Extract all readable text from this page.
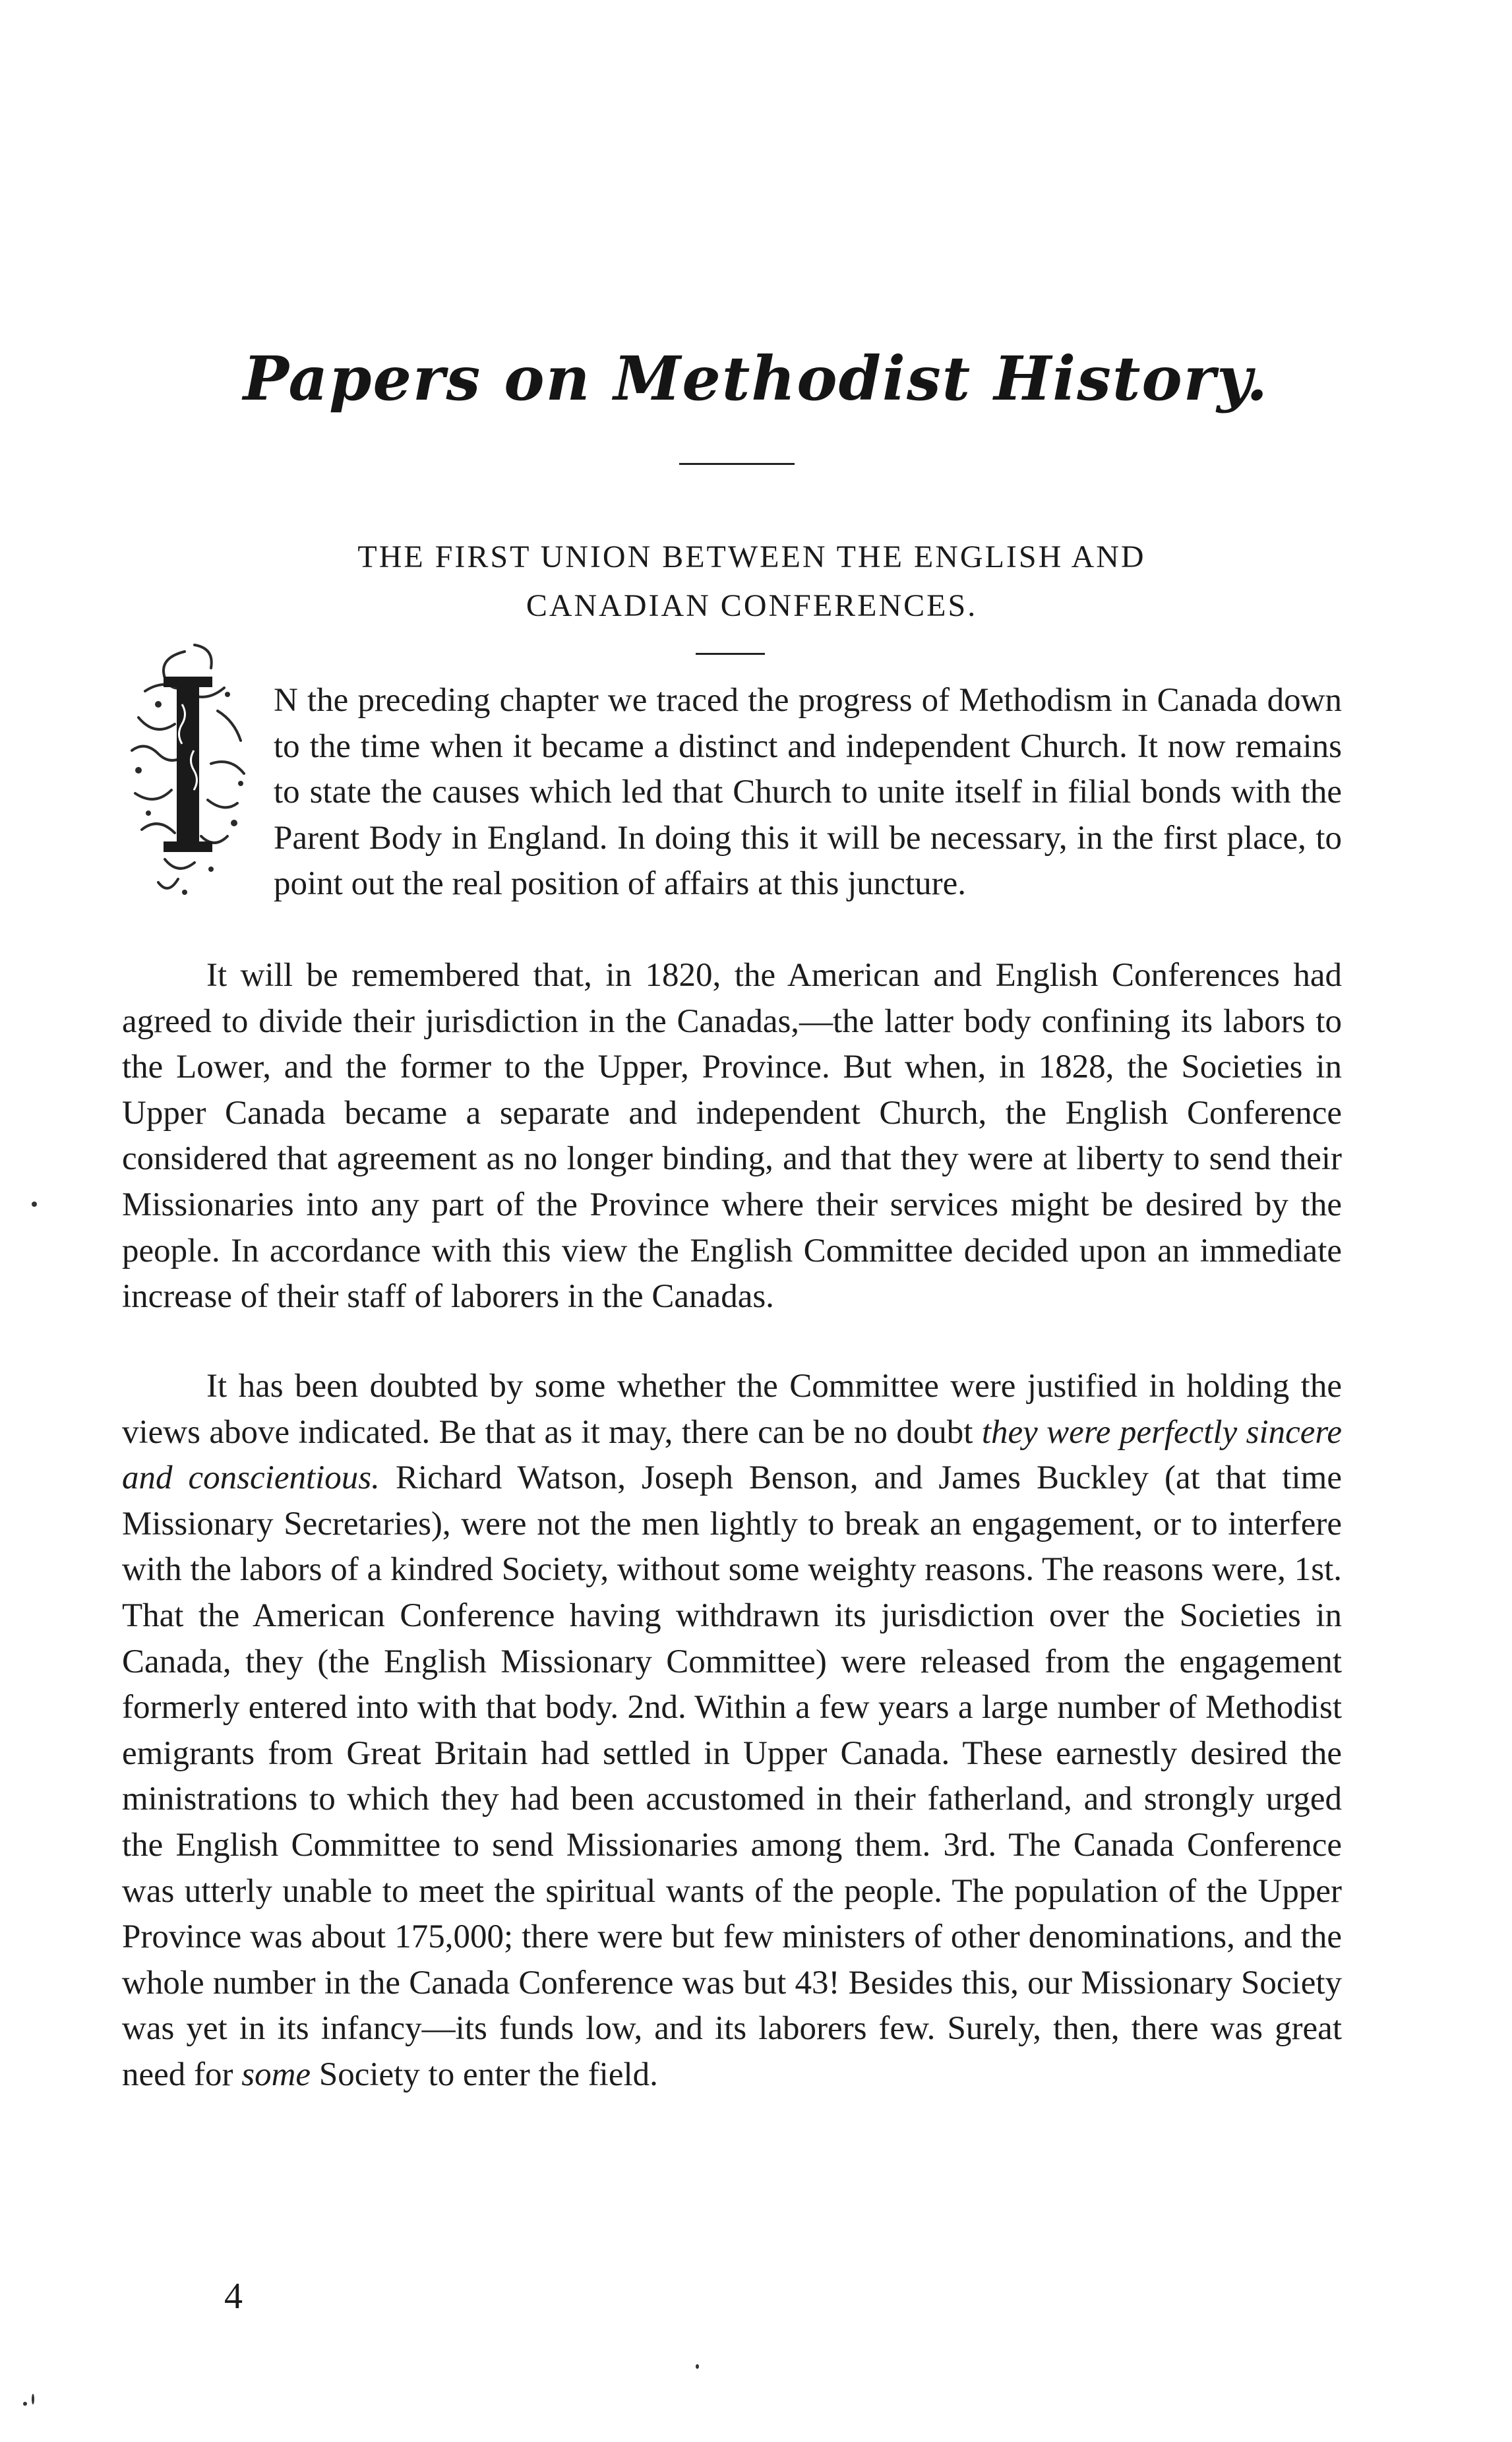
Papers on Methodist History.
THE FIRST UNION BETWEEN THE ENGLISH AND
CANADIAN CONFERENCES.
N the preceding chapter we traced the progress of Methodism in Canada down to the time when it became a distinct and independent Church. It now remains to state the causes which led that Church to unite itself in filial bonds with the Parent Body in England. In doing this it will be necessary, in the first place, to point out the real position of affairs at this juncture.
It will be remembered that, in 1820, the American and English Conferences had agreed to divide their jurisdiction in the Canadas,—the latter body confining its labors to the Lower, and the former to the Upper, Province. But when, in 1828, the Societies in Upper Canada became a separate and independent Church, the English Conference considered that agreement as no longer binding, and that they were at liberty to send their Missionaries into any part of the Province where their services might be desired by the people. In accordance with this view the English Committee decided upon an immediate increase of their staff of laborers in the Canadas.
It has been doubted by some whether the Committee were justified in holding the views above indicated. Be that as it may, there can be no doubt they were perfectly sincere and conscientious. Richard Watson, Joseph Benson, and James Buckley (at that time Missionary Secretaries), were not the men lightly to break an engagement, or to interfere with the labors of a kindred Society, without some weighty reasons. The reasons were, 1st. That the American Conference having withdrawn its jurisdiction over the Societies in Canada, they (the English Missionary Committee) were released from the engagement formerly entered into with that body. 2nd. Within a few years a large number of Methodist emigrants from Great Britain had settled in Upper Canada. These earnestly desired the ministrations to which they had been accustomed in their fatherland, and strongly urged the English Committee to send Missionaries among them. 3rd. The Canada Conference was utterly unable to meet the spiritual wants of the people. The population of the Upper Province was about 175,000; there were but few ministers of other denominations, and the whole number in the Canada Conference was but 43! Besides this, our Missionary Society was yet in its infancy—its funds low, and its laborers few. Surely, then, there was great need for some Society to enter the field.
4
